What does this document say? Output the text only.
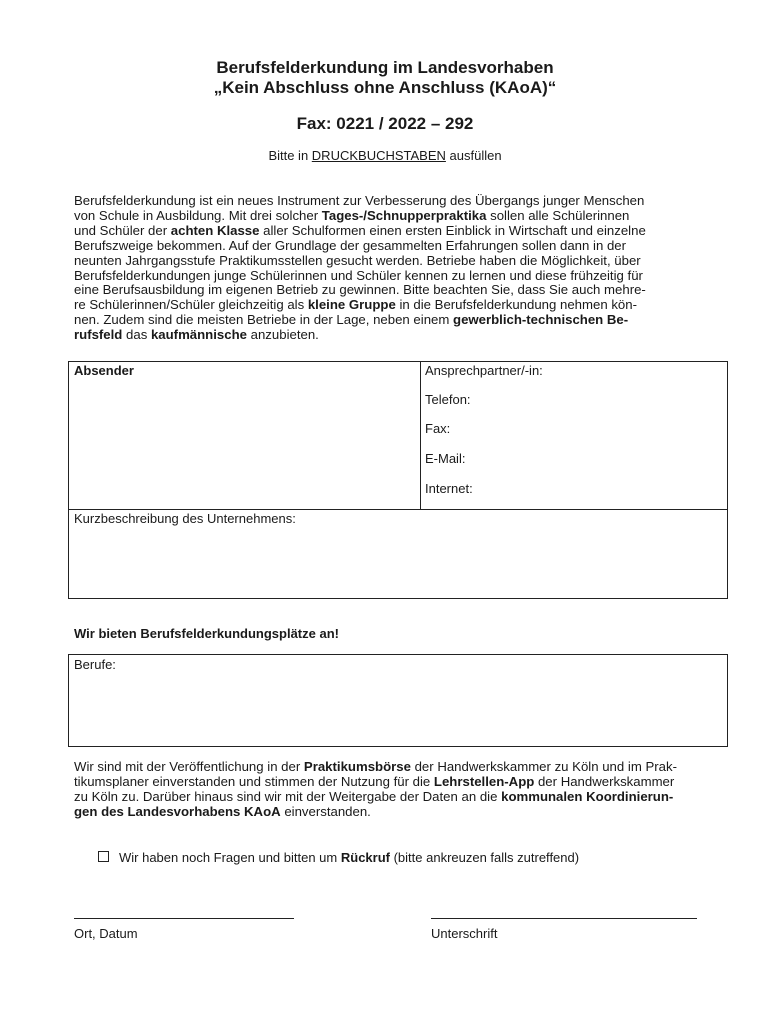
Berufsfelderkundung im Landesvorhaben
„Kein Abschluss ohne Anschluss (KAoA)“
Fax: 0221 / 2022 – 292
Bitte in DRUCKBUCHSTABEN ausfüllen
Berufsfelderkundung ist ein neues Instrument zur Verbesserung des Übergangs junger Menschen
von Schule in Ausbildung. Mit drei solcher Tages-/Schnupperpraktika sollen alle Schülerinnen
und Schüler der achten Klasse aller Schulformen einen ersten Einblick in Wirtschaft und einzelne
Berufszweige bekommen. Auf der Grundlage der gesammelten Erfahrungen sollen dann in der
neunten Jahrgangsstufe Praktikumsstellen gesucht werden. Betriebe haben die Möglichkeit, über
Berufsfelderkundungen junge Schülerinnen und Schüler kennen zu lernen und diese frühzeitig für
eine Berufsausbildung im eigenen Betrieb zu gewinnen. Bitte beachten Sie, dass Sie auch mehre-
re Schülerinnen/Schüler gleichzeitig als kleine Gruppe in die Berufsfelderkundung nehmen kön-
nen. Zudem sind die meisten Betriebe in der Lage, neben einem gewerblich-technischen Be-
rufsfeld das kaufmännische anzubieten.
Absender	Ansprechpartner/-in:
Telefon:
Fax:
E-Mail:
Internet:
Kurzbeschreibung des Unternehmens:
Wir bieten Berufsfelderkundungsplätze an!
Berufe:
Wir sind mit der Veröffentlichung in der Praktikumsbörse der Handwerkskammer zu Köln und im Prak-
tikumsplaner einverstanden und stimmen der Nutzung für die Lehrstellen-App der Handwerkskammer
zu Köln zu. Darüber hinaus sind wir mit der Weitergabe der Daten an die kommunalen Koordinierun-
gen des Landesvorhabens KAoA einverstanden.
Wir haben noch Fragen und bitten um Rückruf (bitte ankreuzen falls zutreffend)
Ort, Datum	Unterschrift
